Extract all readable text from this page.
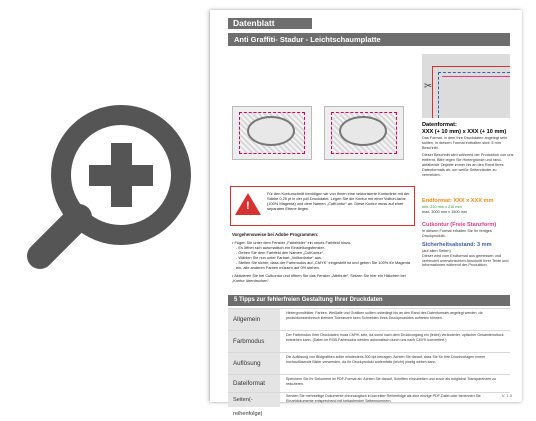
Datenblatt
Anti Graffiti- Stadur - Leichtschaumplatte
✂
Datenformat:
XXX (+ 10 mm) x XXX (+ 10 mm)
Das Format, in dem Ihre Druckdaten angelegt sein sollten. In diesem Format enthalten sind: 5 mm Beschnitt.
Dieser Beschnitt wird während der Produktion von uns entfernt. Bitte legen Sie Hintergründe und rand-abfallende Objekte immer bis an den Rand Ihres Datenformats an, um weiße Seitenränder zu vermeiden.
Endformat: XXX x XXX mm
min. 210 mm x 210 mm
max. 3000 mm x 1500 mm
Cutkontur (Freie Stanzform)
In diesem Format erhalten Sie Ihr fertiges Druckprodukt.
Sicherheitsabstand: 3 mm
(auf allen Seiten)
Dieser wird vom Endformat aus gemessen und verhindert unerwünschten Anschnitt Ihrer Texte und Informationen während der Produktion.
!
Für den Konturschnitt benötigen wir von Ihnen eine vektorisierte Konturlinie mit der Stärke 0,25 pt in der pdf-Druckdatei. Legen Sie die Kontur mit einer Vollton-farbe (100% Magenta) und dem Namen „CutKontur“ an. Diese Kontur muss auf einer separaten Ebene liegen.
Vorgehensweise bei Adobe Programmen:
• Fügen Sie unter dem Fenster „Farbfelder“ ein neues Farbfeld hinzu.
- Es öffnet sich automatisch ein Einstellungsfenster.
- Geben Sie dem Farbfeld den Namen „CutKontur“.
- Wählen Sie nun unter Farbart „Volltonfarbe“ aus.
- Stellen Sie sicher, dass der Farbmodus auf „CMYK“ eingestellt ist und geben Sie 100% für Magenta ein, alle anderen Farben müssen auf 0% stehen.
• Aktivieren Sie bei Cutkontur und öffnen Sie das Fenster „Attribute“. Setzen Sie hier ein Häkchen bei „Kontur überdrucken“.
5 Tipps zur fehlerfreien Gestaltung Ihrer Druckdaten
Allgemein
Hintergrundbilder, Farben, Weißalle und Grafiken sollten unbedingt bis an den Rand des Datenformats angelegt werden, da produktionstechnisch kleinere Toleranzen beim Schneiden Ihres Druckproduktes auftreten können.
Farbmodus
Der Farbmodus Ihrer Druckdaten muss CMYK sein, da sonst nach dem Druckvorgang ein (leicht) veränderter, optischer Gesamteindruck entstehen kann. (Daten im RGB-Farbmodus werden automatisch durch uns nach CMYK konvertiert.)
Auflösung
Die Auflösung von Bildgrafiken sollte mindestens 300 dpi betragen. Achten Sie darauf, dass Sie für Ihre Druckvorlagen immer hochauflösende Bilder verwenden, da Ihr Druckprodukt andernfalls (leicht) pixelig wirken kann.
Dateiformat
Speichern Sie Ihr Dokument im PDF-Format ab. Achten Sie darauf, Schriften einzubetten und zuvor als möglichst Transparenzen zu reduzieren.
Seiten(-reihenfolge)
Senden Sie mehrseitige Dokumente chronologisch in korrekter Reihenfolge als eine einzige PDF-Datei oder benennen Sie Einzeldokumente entsprechend mit fortlaufenden Seitennummern.
V. 1.0
